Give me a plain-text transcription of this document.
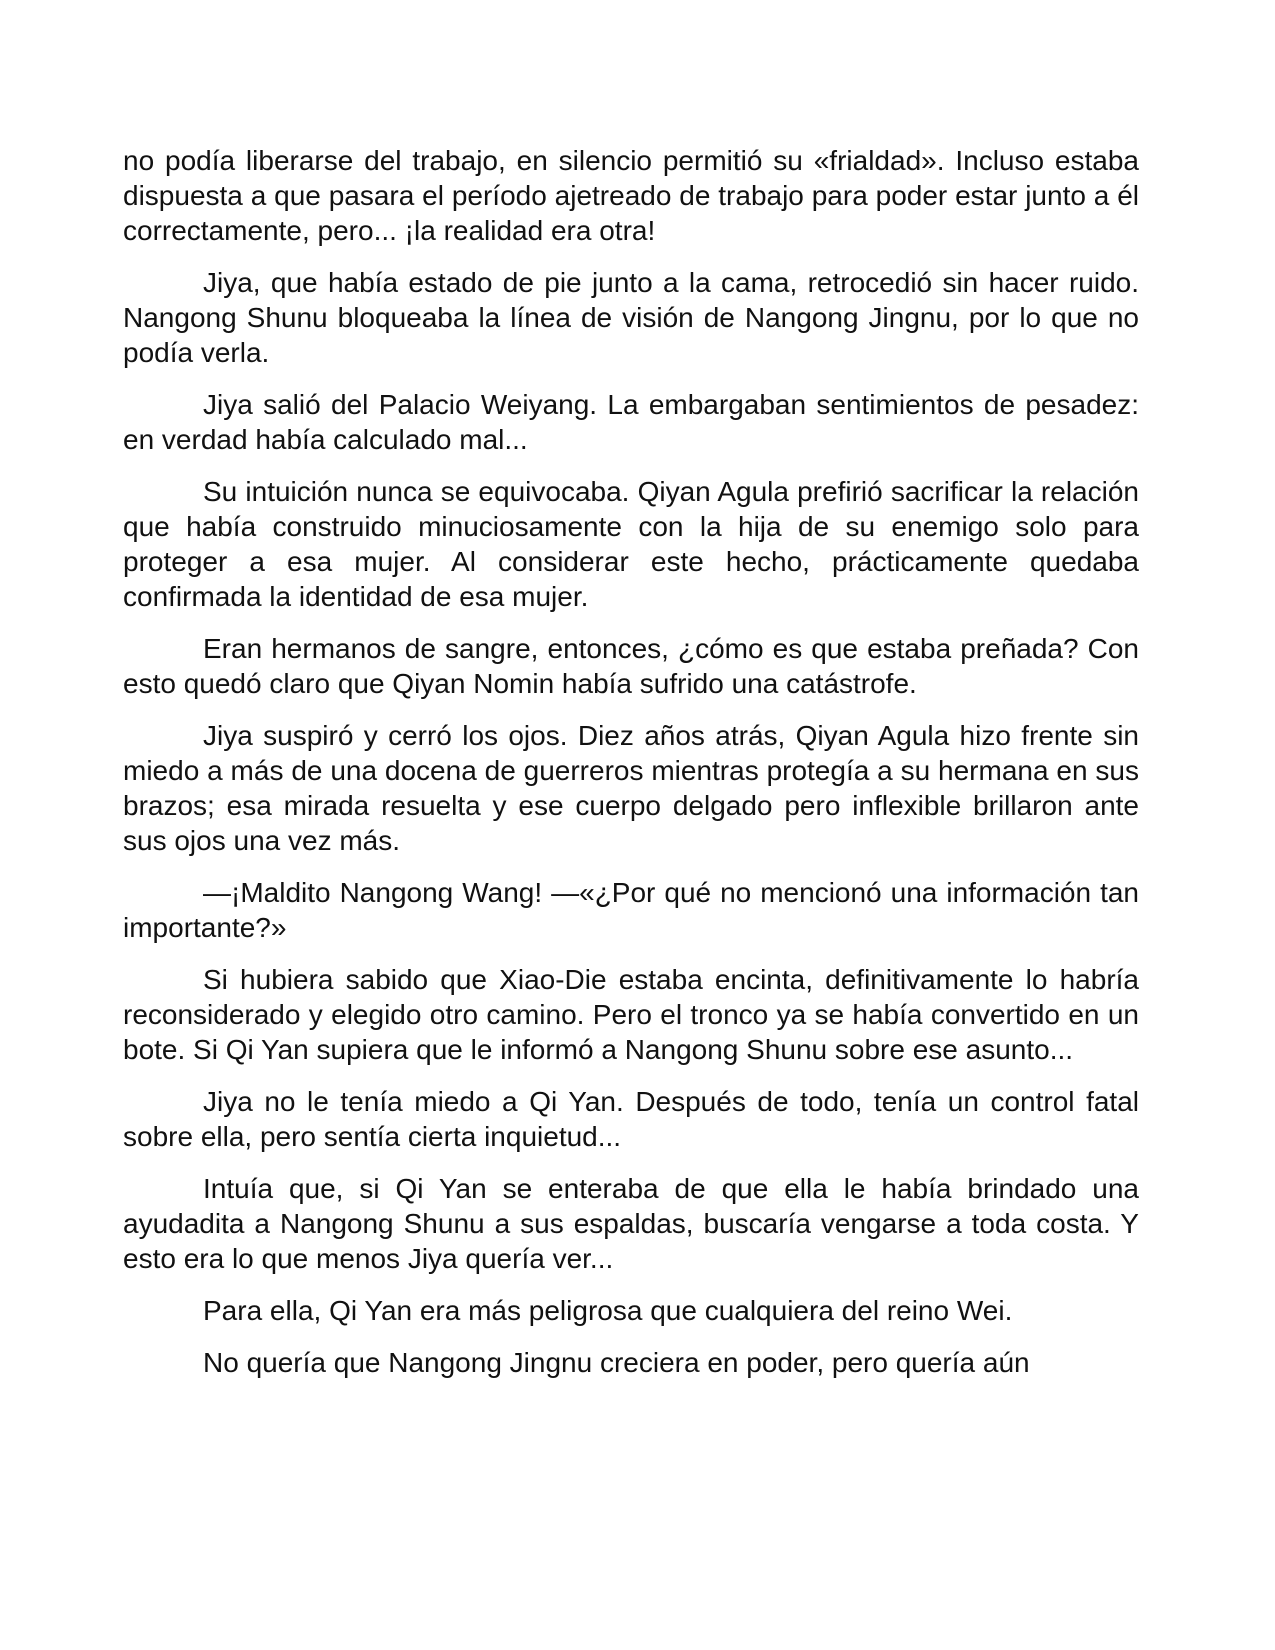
no podía liberarse del trabajo, en silencio permitió su «frialdad». Incluso estaba dispuesta a que pasara el período ajetreado de trabajo para poder estar junto a él correctamente, pero... ¡la realidad era otra!

Jiya, que había estado de pie junto a la cama, retrocedió sin hacer ruido. Nangong Shunu bloqueaba la línea de visión de Nangong Jingnu, por lo que no podía verla.

Jiya salió del Palacio Weiyang. La embargaban sentimientos de pesadez: en verdad había calculado mal...

Su intuición nunca se equivocaba. Qiyan Agula prefirió sacrificar la relación que había construido minuciosamente con la hija de su enemigo solo para proteger a esa mujer. Al considerar este hecho, prácticamente quedaba confirmada la identidad de esa mujer.

Eran hermanos de sangre, entonces, ¿cómo es que estaba preñada? Con esto quedó claro que Qiyan Nomin había sufrido una catástrofe.

Jiya suspiró y cerró los ojos. Diez años atrás, Qiyan Agula hizo frente sin miedo a más de una docena de guerreros mientras protegía a su hermana en sus brazos; esa mirada resuelta y ese cuerpo delgado pero inflexible brillaron ante sus ojos una vez más.

—¡Maldito Nangong Wang! —«¿Por qué no mencionó una información tan importante?»

Si hubiera sabido que Xiao-Die estaba encinta, definitivamente lo habría reconsiderado y elegido otro camino. Pero el tronco ya se había convertido en un bote. Si Qi Yan supiera que le informó a Nangong Shunu sobre ese asunto...

Jiya no le tenía miedo a Qi Yan. Después de todo, tenía un control fatal sobre ella, pero sentía cierta inquietud...

Intuía que, si Qi Yan se enteraba de que ella le había brindado una ayudadita a Nangong Shunu a sus espaldas, buscaría vengarse a toda costa. Y esto era lo que menos Jiya quería ver...

Para ella, Qi Yan era más peligrosa que cualquiera del reino Wei.

No quería que Nangong Jingnu creciera en poder, pero quería aún
